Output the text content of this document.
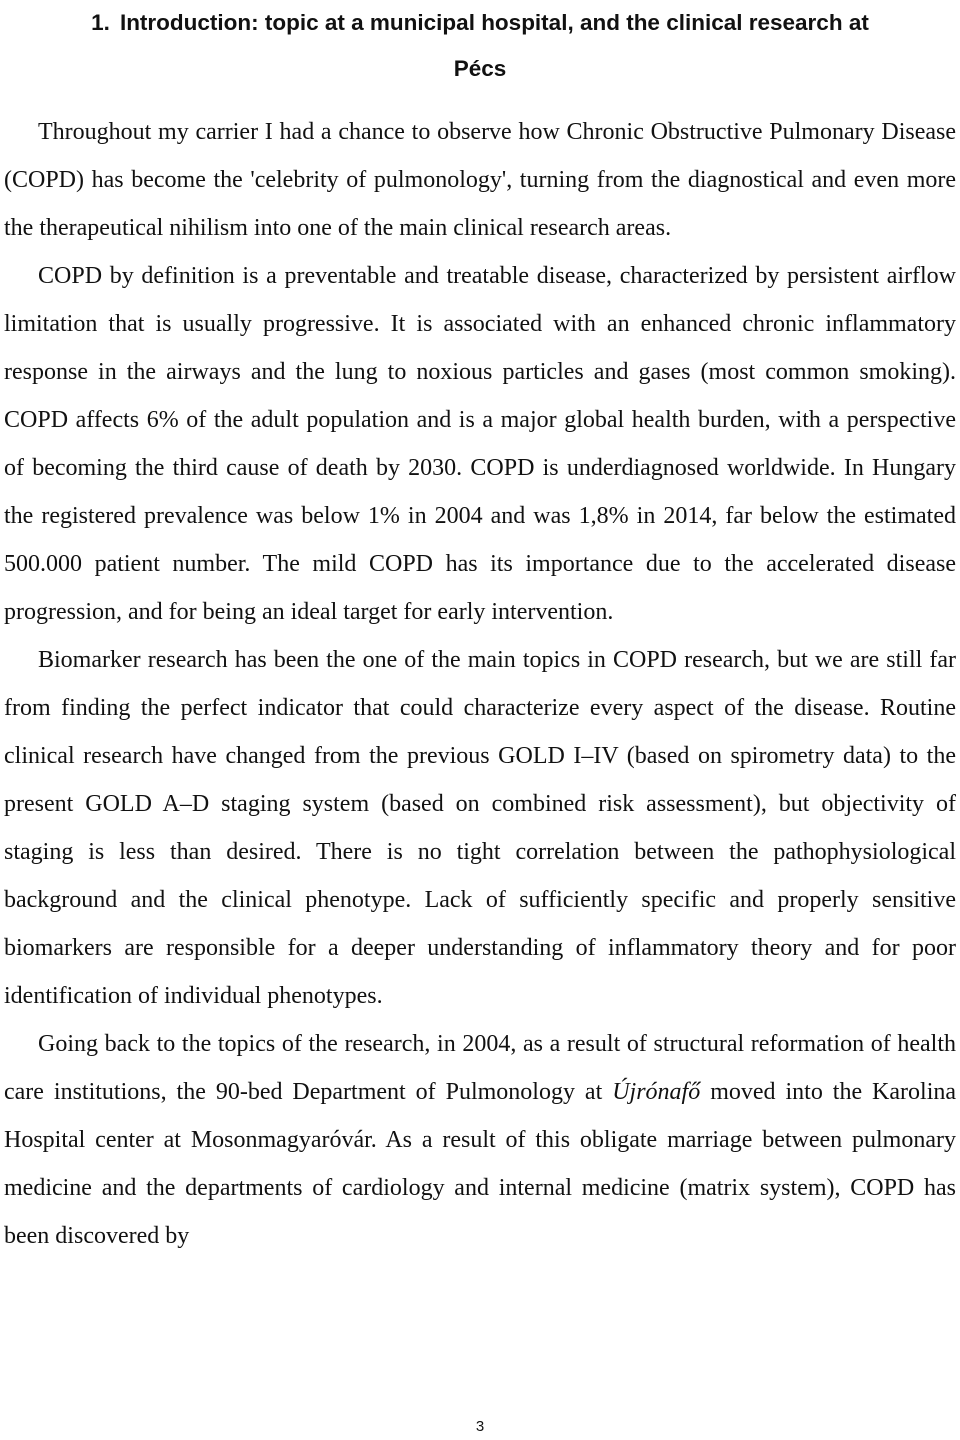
1. Introduction: topic at a municipal hospital, and the clinical research at
Pécs

Throughout my carrier I had a chance to observe how Chronic Obstructive Pulmonary Disease (COPD) has become the 'celebrity of pulmonology', turning from the diagnostical and even more the therapeutical nihilism into one of the main clinical research areas.

COPD by definition is a preventable and treatable disease, characterized by persistent airflow limitation that is usually progressive. It is associated with an enhanced chronic inflammatory response in the airways and the lung to noxious particles and gases (most common smoking). COPD affects 6% of the adult population and is a major global health burden, with a perspective of becoming the third cause of death by 2030. COPD is underdiagnosed worldwide. In Hungary the registered prevalence was below 1% in 2004 and was 1,8% in 2014, far below the estimated 500.000 patient number. The mild COPD has its importance due to the accelerated disease progression, and for being an ideal target for early intervention.

Biomarker research has been the one of the main topics in COPD research, but we are still far from finding the perfect indicator that could characterize every aspect of the disease. Routine clinical research have changed from the previous GOLD I–IV (based on spirometry data) to the present GOLD A–D staging system (based on combined risk assessment), but objectivity of staging is less than desired. There is no tight correlation between the pathophysiological background and the clinical phenotype. Lack of sufficiently specific and properly sensitive biomarkers are responsible for a deeper understanding of inflammatory theory and for poor identification of individual phenotypes.

Going back to the topics of the research, in 2004, as a result of structural reformation of health care institutions, the 90-bed Department of Pulmonology at Újrónafő moved into the Karolina Hospital center at Mosonmagyaróvár. As a result of this obligate marriage between pulmonary medicine and the departments of cardiology and internal medicine (matrix system), COPD has been discovered by

3
